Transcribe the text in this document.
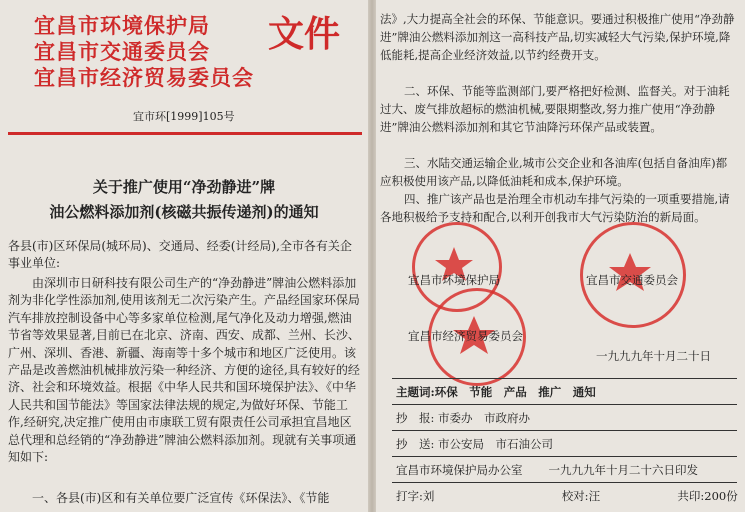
宜昌市环境保护局
宜昌市交通委员会
宜昌市经济贸易委员会
文件
宜市环[1999]105号
关于推广使用“净劲静进”牌
油公燃料添加剂(核磁共振传递剂)的通知
各县(市)区环保局(城环局)、交通局、经委(计经局),全市各有关企事业单位:
由深圳市日研科技有限公司生产的“净劲静进”牌油公燃料添加剂为非化学性添加剂,使用该剂无二次污染产生。产品经国家环保局汽车排放控制设备中心等多家单位检测,尾气净化及动力增强,燃油节省等效果显著,目前已在北京、济南、西安、成都、兰州、长沙、广州、深圳、香港、新疆、海南等十多个城市和地区广泛使用。该产品是改善燃油机械排放污染一种经济、方便的途径,具有较好的经济、社会和环境效益。根据《中华人民共和国环境保护法》、《中华人民共和国节能法》等国家法律法规的规定,为做好环保、节能工作,经研究,决定推广使用由市康联工贸有限责任公司承担宜昌地区总代理和总经销的“净劲静进”牌油公燃料添加剂。现就有关事项通知如下:
一、各县(市)区和有关单位要广泛宣传《环保法》、《节能
法》,大力提高全社会的环保、节能意识。要通过积极推广使用“净劲静进”牌油公燃料添加剂这一高科技产品,切实减轻大气污染,保护环境,降低能耗,提高企业经济效益,以节约经费开支。
二、环保、节能等监测部门,要严格把好检测、监督关。对于油耗过大、废气排放超标的燃油机械,要限期整改,努力推广使用“净劲静进”牌油公燃料添加剂和其它节油降污环保产品或装置。
三、水陆交通运输企业,城市公交企业和各油库(包括自备油库)都应积极使用该产品,以降低油耗和成本,保护环境。
四、推广该产品也是治理全市机动车排气污染的一项重要措施,请各地积极给予支持和配合,以利开创我市大气污染防治的新局面。
宜昌市环境保护局	宜昌市交通委员会
宜昌市经济贸易委员会
一九九九年十月二十日
主题词:环保　节能　产品　推广　通知
抄　报: 市委办　市政府办
抄　送: 市公安局　市石油公司
宜昌市环境保护局办公室 一九九九年十月二十六日印发
打字:刘	校对:汪	共印:200份
